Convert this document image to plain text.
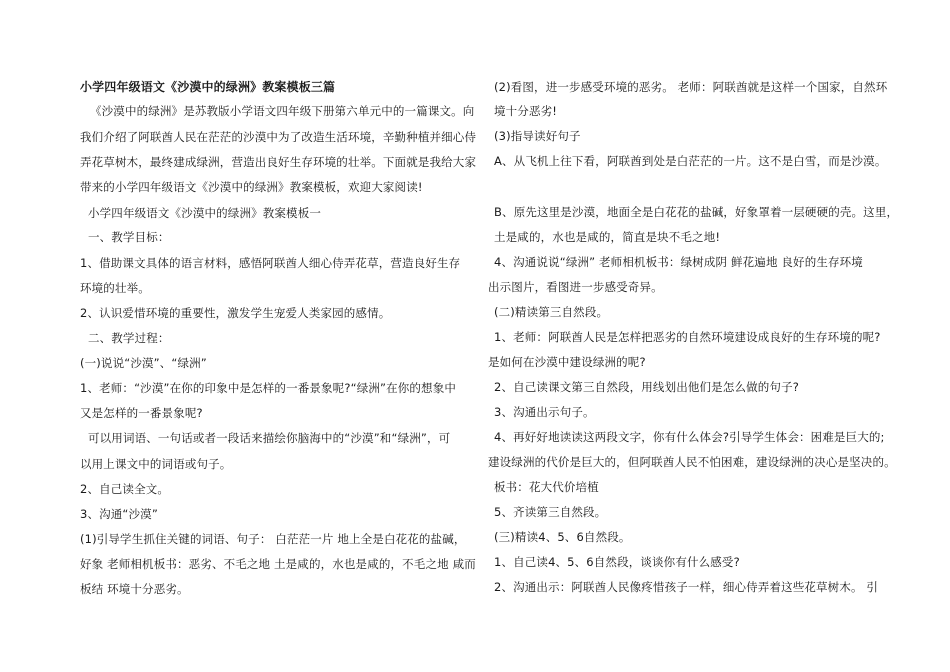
小学四年级语文《沙漠中的绿洲》教案模板三篇
《沙漠中的绿洲》是苏教版小学语文四年级下册第六单元中的一篇课文。向
我们介绍了阿联酋人民在茫茫的沙漠中为了改造生活环境，辛勤种植并细心侍
弄花草树木，最终建成绿洲，营造出良好生存环境的壮举。下面就是我给大家
带来的小学四年级语文《沙漠中的绿洲》教案模板，欢迎大家阅读!
小学四年级语文《沙漠中的绿洲》教案模板一
一、教学目标：
1、借助课文具体的语言材料，感悟阿联酋人细心侍弄花草，营造良好生存
环境的壮举。
2、认识爱惜环境的重要性，激发学生宠爱人类家园的感情。
二、教学过程：
(一)说说“沙漠”、“绿洲”
1、老师：“沙漠”在你的印象中是怎样的一番景象呢?“绿洲”在你的想象中
又是怎样的一番景象呢?
可以用词语、一句话或者一段话来描绘你脑海中的“沙漠”和“绿洲”，可
以用上课文中的词语或句子。
2、自己读全文。
3、沟通“沙漠”
(1)引导学生抓住关键的词语、句子： 白茫茫一片 地上全是白花花的盐碱，
好象 老师相机板书：恶劣、不毛之地 土是咸的，水也是咸的，不毛之地 咸而
板结 环境十分恶劣。
(2)看图，进一步感受环境的恶劣。 老师：阿联酋就是这样一个国家，自然环
境十分恶劣!
(3)指导读好句子
A、从飞机上往下看，阿联酋到处是白茫茫的一片。这不是白雪，而是沙漠。
B、原先这里是沙漠，地面全是白花花的盐碱，好象罩着一层硬硬的壳。这里，
土是咸的，水也是咸的，简直是块不毛之地!
4、沟通说说“绿洲” 老师相机板书：绿树成阴 鲜花遍地 良好的生存环境
出示图片，看图进一步感受奇异。
(二)精读第三自然段。
1、老师：阿联酋人民是怎样把恶劣的自然环境建设成良好的生存环境的呢?
是如何在沙漠中建设绿洲的呢?
2、自己读课文第三自然段，用线划出他们是怎么做的句子?
3、沟通出示句子。
4、再好好地读读这两段文字，你有什么体会?引导学生体会：困难是巨大的;
建设绿洲的代价是巨大的，但阿联酋人民不怕困难，建设绿洲的决心是坚决的。
板书：花大代价培植
5、齐读第三自然段。
(三)精读4、5、6自然段。
1、自己读4、5、6自然段，谈谈你有什么感受?
2、沟通出示：阿联酋人民像疼惜孩子一样，细心侍弄着这些花草树木。 引
